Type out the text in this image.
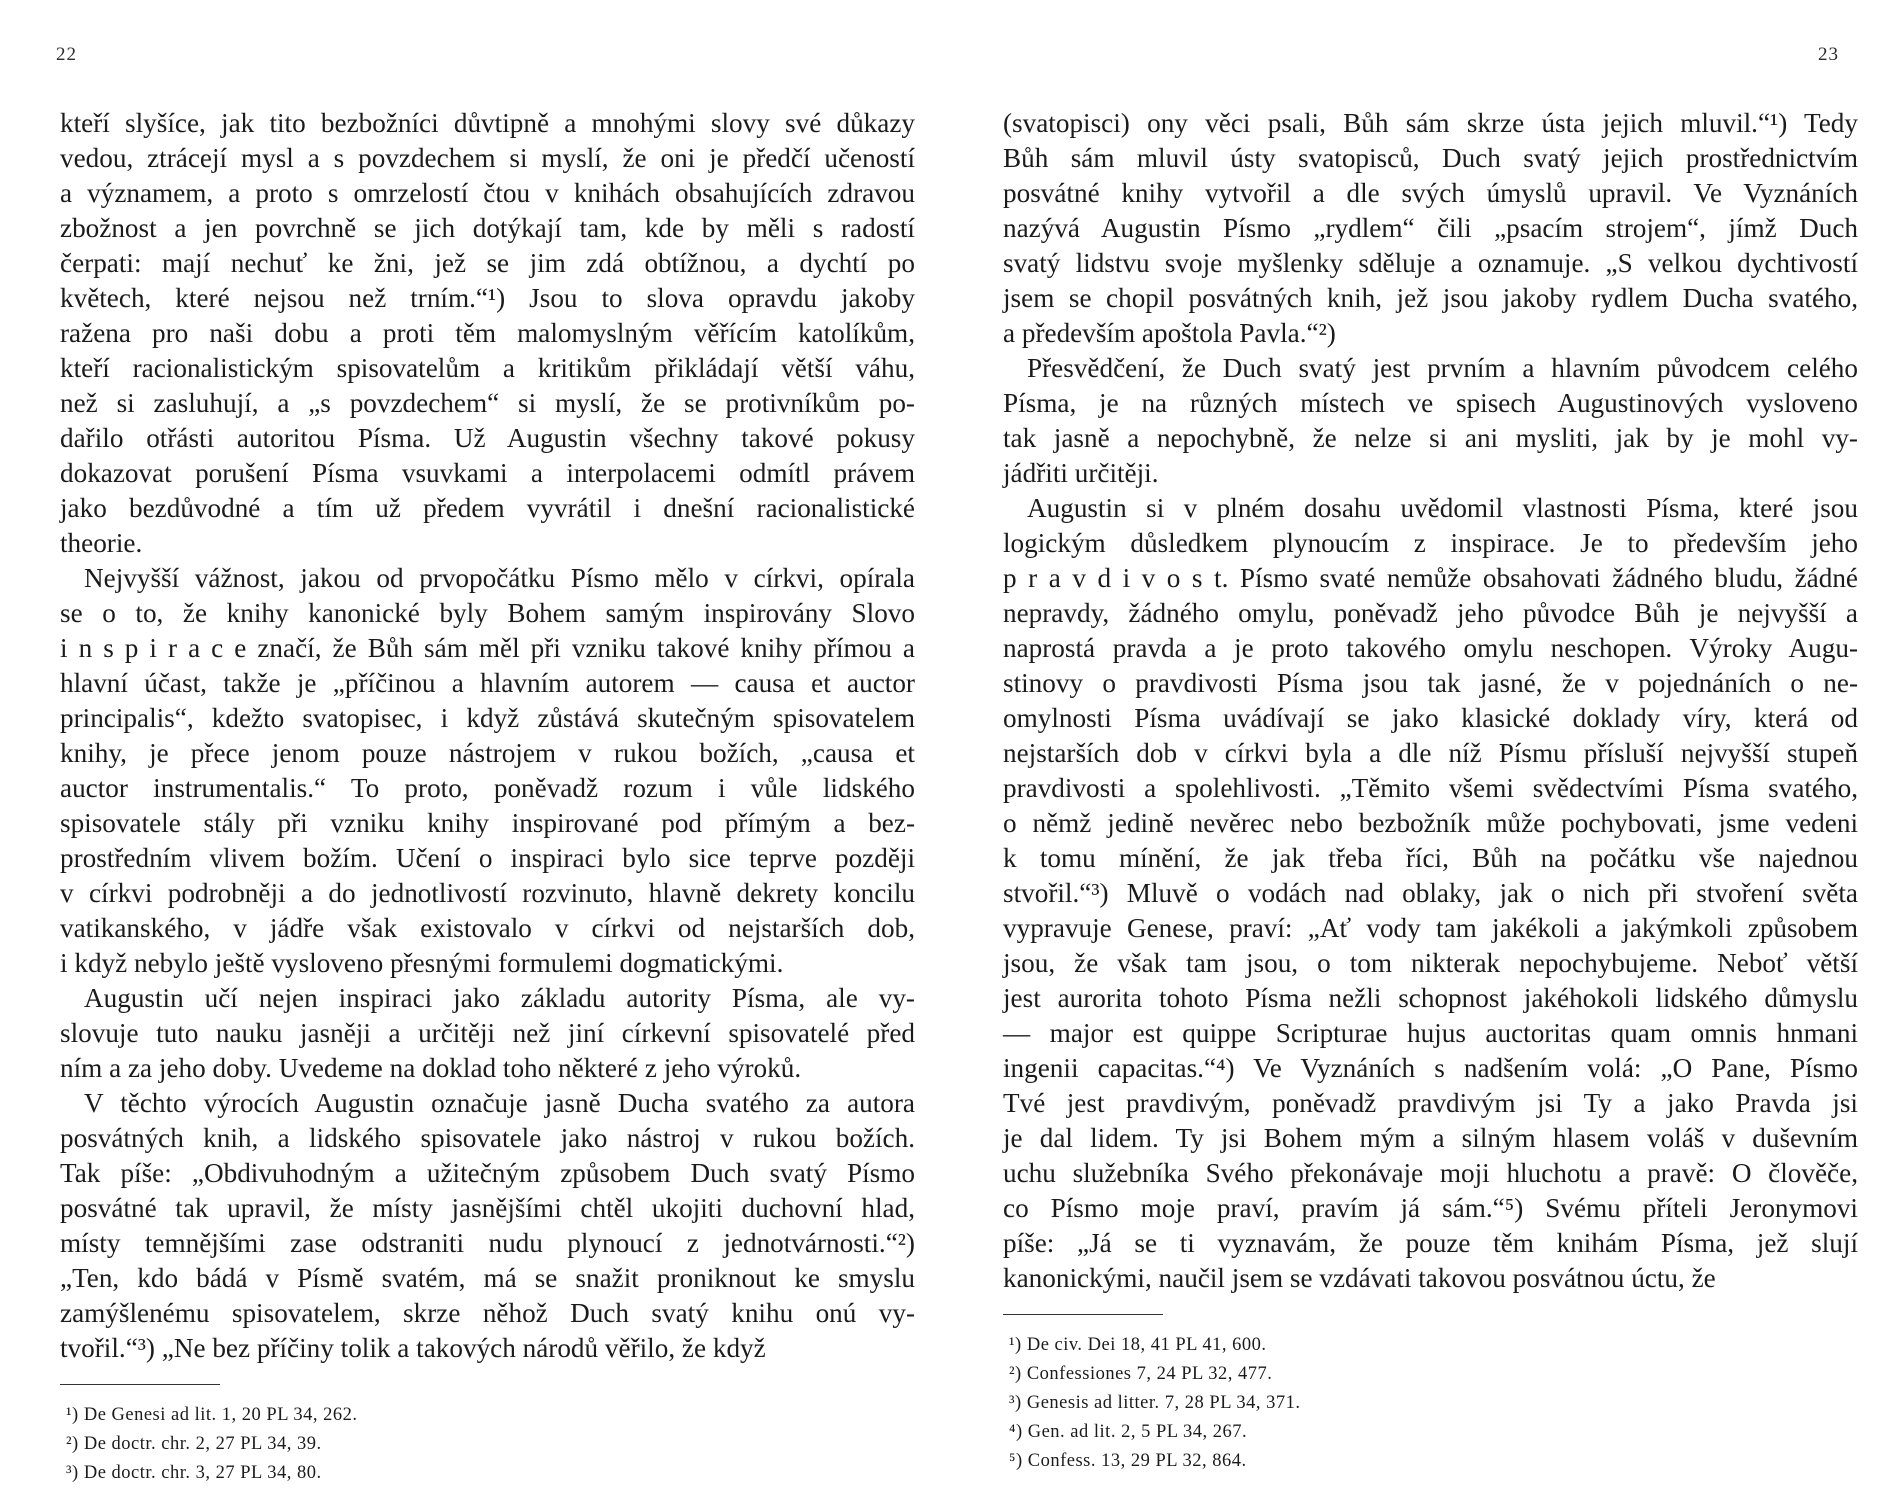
22	23
kteří slyšíce, jak tito bezbožníci důvtipně a mnohými slovy své důkazy
vedou, ztrácejí mysl a s povzdechem si myslí, že oni je předčí učeností
a významem, a proto s omrzelostí čtou v knihách obsahujících zdravou
zbožnost a jen povrchně se jich dotýkají tam, kde by měli s radostí
čerpati: mají nechuť ke žni, jež se jim zdá obtížnou, a dychtí po
květech, které nejsou než trním.“¹) Jsou to slova opravdu jakoby
ražena pro naši dobu a proti těm malomyslným věřícím katolíkům,
kteří racionalistickým spisovatelům a kritikům přikládají větší váhu,
než si zasluhují, a „s povzdechem“ si myslí, že se protivníkům po-
dařilo otřásti autoritou Písma. Už Augustin všechny takové pokusy
dokazovat porušení Písma vsuvkami a interpolacemi odmítl právem
jako bezdůvodné a tím už předem vyvrátil i dnešní racionalistické
theorie.
Nejvyšší vážnost, jakou od prvopočátku Písmo mělo v církvi, opírala
se o to, že knihy kanonické byly Bohem samým inspirovány Slovo
i n s p i r a c e značí, že Bůh sám měl při vzniku takové knihy přímou a
hlavní účast, takže je „příčinou a hlavním autorem — causa et auctor
principalis“, kdežto svatopisec, i když zůstává skutečným spisovatelem
knihy, je přece jenom pouze nástrojem v rukou božích, „causa et
auctor instrumentalis.“ To proto, poněvadž rozum i vůle lidského
spisovatele stály při vzniku knihy inspirované pod přímým a bez-
prostředním vlivem božím. Učení o inspiraci bylo sice teprve později
v církvi podrobněji a do jednotlivostí rozvinuto, hlavně dekrety koncilu
vatikanského, v jádře však existovalo v církvi od nejstarších dob,
i když nebylo ještě vysloveno přesnými formulemi dogmatickými.
Augustin učí nejen inspiraci jako základu autority Písma, ale vy-
slovuje tuto nauku jasněji a určitěji než jiní církevní spisovatelé před
ním a za jeho doby. Uvedeme na doklad toho některé z jeho výroků.
V těchto výrocích Augustin označuje jasně Ducha svatého za autora
posvátných knih, a lidského spisovatele jako nástroj v rukou božích.
Tak píše: „Obdivuhodným a užitečným způsobem Duch svatý Písmo
posvátné tak upravil, že místy jasnějšími chtěl ukojiti duchovní hlad,
místy temnějšími zase odstraniti nudu plynoucí z jednotvárnosti.“²)
„Ten, kdo bádá v Písmě svatém, má se snažit proniknout ke smyslu
zamýšlenému spisovatelem, skrze něhož Duch svatý knihu onú vy-
tvořil.“³) „Ne bez příčiny tolik a takových národů věřilo, že když
¹) De Genesi ad lit. 1, 20 PL 34, 262.
²) De doctr. chr. 2, 27 PL 34, 39.
³) De doctr. chr. 3, 27 PL 34, 80.
(svatopisci) ony věci psali, Bůh sám skrze ústa jejich mluvil.“¹) Tedy
Bůh sám mluvil ústy svatopisců, Duch svatý jejich prostřednictvím
posvátné knihy vytvořil a dle svých úmyslů upravil. Ve Vyznáních
nazývá Augustin Písmo „rydlem“ čili „psacím strojem“, jímž Duch
svatý lidstvu svoje myšlenky sděluje a oznamuje. „S velkou dychtivostí
jsem se chopil posvátných knih, jež jsou jakoby rydlem Ducha svatého,
a především apoštola Pavla.“²)
Přesvědčení, že Duch svatý jest prvním a hlavním původcem celého
Písma, je na různých místech ve spisech Augustinových vysloveno
tak jasně a nepochybně, že nelze si ani mysliti, jak by je mohl vy-
jádřiti určitěji.
Augustin si v plném dosahu uvědomil vlastnosti Písma, které jsou
logickým důsledkem plynoucím z inspirace. Je to především jeho
p r a v d i v o s t. Písmo svaté nemůže obsahovati žádného bludu, žádné
nepravdy, žádného omylu, poněvadž jeho původce Bůh je nejvyšší a
naprostá pravda a je proto takového omylu neschopen. Výroky Augu-
stinovy o pravdivosti Písma jsou tak jasné, že v pojednáních o ne-
omylnosti Písma uvádívají se jako klasické doklady víry, která od
nejstarších dob v církvi byla a dle níž Písmu přísluší nejvyšší stupeň
pravdivosti a spolehlivosti. „Těmito všemi svědectvími Písma svatého,
o němž jedině nevěrec nebo bezbožník může pochybovati, jsme vedeni
k tomu mínění, že jak třeba říci, Bůh na počátku vše najednou
stvořil.“³) Mluvě o vodách nad oblaky, jak o nich při stvoření světa
vypravuje Genese, praví: „Ať vody tam jakékoli a jakýmkoli způsobem
jsou, že však tam jsou, o tom nikterak nepochybujeme. Neboť větší
jest aurorita tohoto Písma nežli schopnost jakéhokoli lidského důmyslu
— major est quippe Scripturae hujus auctoritas quam omnis hnmani
ingenii capacitas.“⁴) Ve Vyznáních s nadšením volá: „O Pane, Písmo
Tvé jest pravdivým, poněvadž pravdivým jsi Ty a jako Pravda jsi
je dal lidem. Ty jsi Bohem mým a silným hlasem voláš v duševním
uchu služebníka Svého překonávaje moji hluchotu a pravě: O člověče,
co Písmo moje praví, pravím já sám.“⁵) Svému příteli Jeronymovi
píše: „Já se ti vyznavám, že pouze těm knihám Písma, jež slují
kanonickými, naučil jsem se vzdávati takovou posvátnou úctu, že
¹) De civ. Dei 18, 41 PL 41, 600.
²) Confessiones 7, 24 PL 32, 477.
³) Genesis ad litter. 7, 28 PL 34, 371.
⁴) Gen. ad lit. 2, 5 PL 34, 267.
⁵) Confess. 13, 29 PL 32, 864.
